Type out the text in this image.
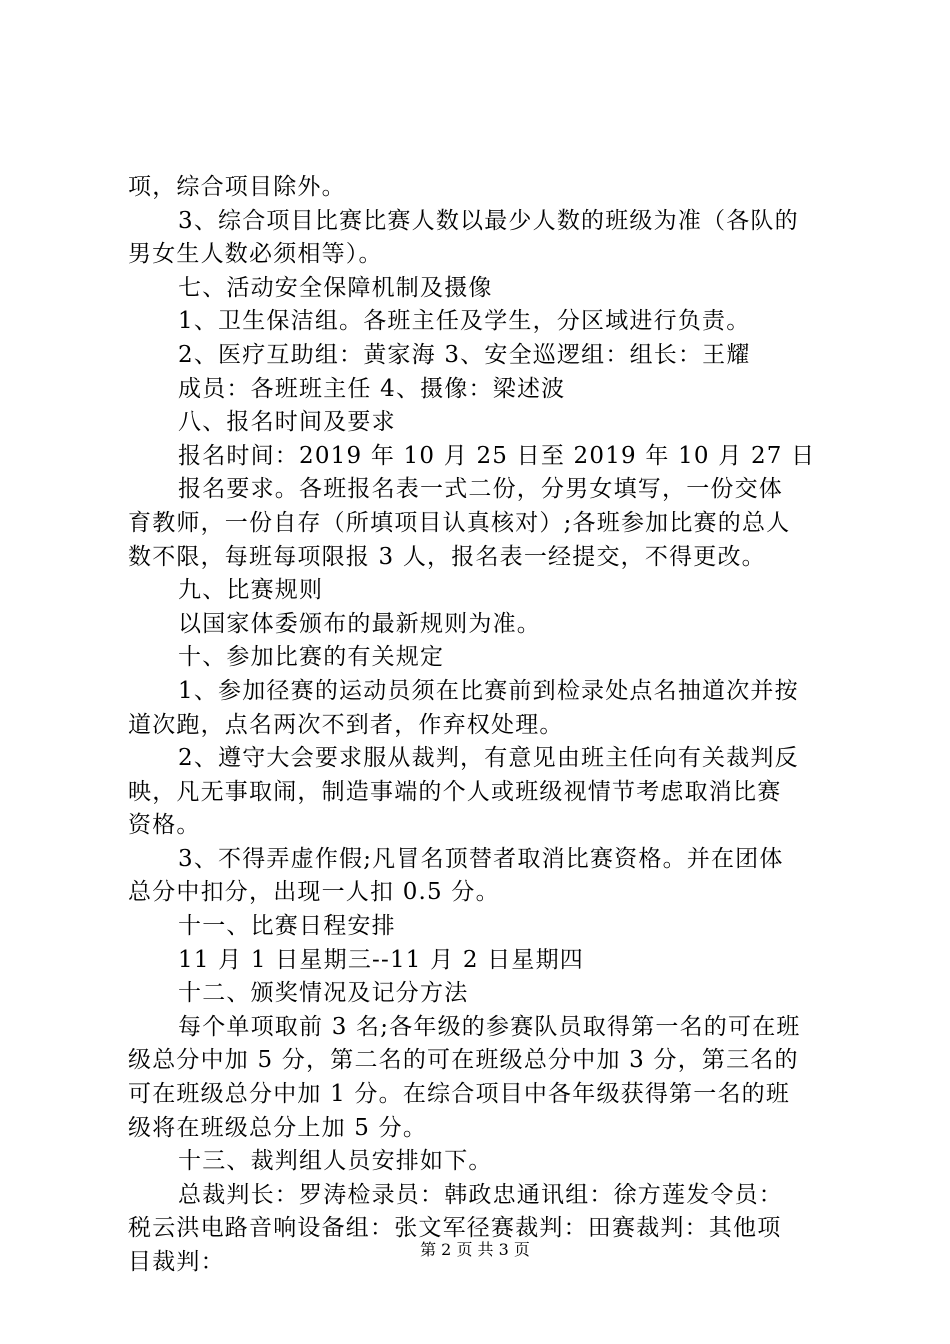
项，综合项目除外。
3、综合项目比赛比赛人数以最少人数的班级为准（各队的
男女生人数必须相等）。
七、活动安全保障机制及摄像
1、卫生保洁组。各班主任及学生，分区域进行负责。
2、医疗互助组：黄家海 3、安全巡逻组：组长：王耀
成员：各班班主任 4、摄像：梁述波
八、报名时间及要求
报名时间：2019 年 10 月 25 日至 2019 年 10 月 27 日
报名要求。各班报名表一式二份，分男女填写，一份交体
育教师，一份自存（所填项目认真核对）;各班参加比赛的总人
数不限，每班每项限报 3 人，报名表一经提交，不得更改。
九、比赛规则
以国家体委颁布的最新规则为准。
十、参加比赛的有关规定
1、参加径赛的运动员须在比赛前到检录处点名抽道次并按
道次跑，点名两次不到者，作弃权处理。
2、遵守大会要求服从裁判，有意见由班主任向有关裁判反
映，凡无事取闹，制造事端的个人或班级视情节考虑取消比赛
资格。
3、不得弄虚作假;凡冒名顶替者取消比赛资格。并在团体
总分中扣分，出现一人扣 0.5 分。
十一、比赛日程安排
11 月 1 日星期三--11 月 2 日星期四
十二、颁奖情况及记分方法
每个单项取前 3 名;各年级的参赛队员取得第一名的可在班
级总分中加 5 分，第二名的可在班级总分中加 3 分，第三名的
可在班级总分中加 1 分。在综合项目中各年级获得第一名的班
级将在班级总分上加 5 分。
十三、裁判组人员安排如下。
总裁判长：罗涛检录员：韩政忠通讯组：徐方莲发令员：
税云洪电路音响设备组：张文军径赛裁判：田赛裁判：其他项
目裁判：	第 2 页 共 3 页
